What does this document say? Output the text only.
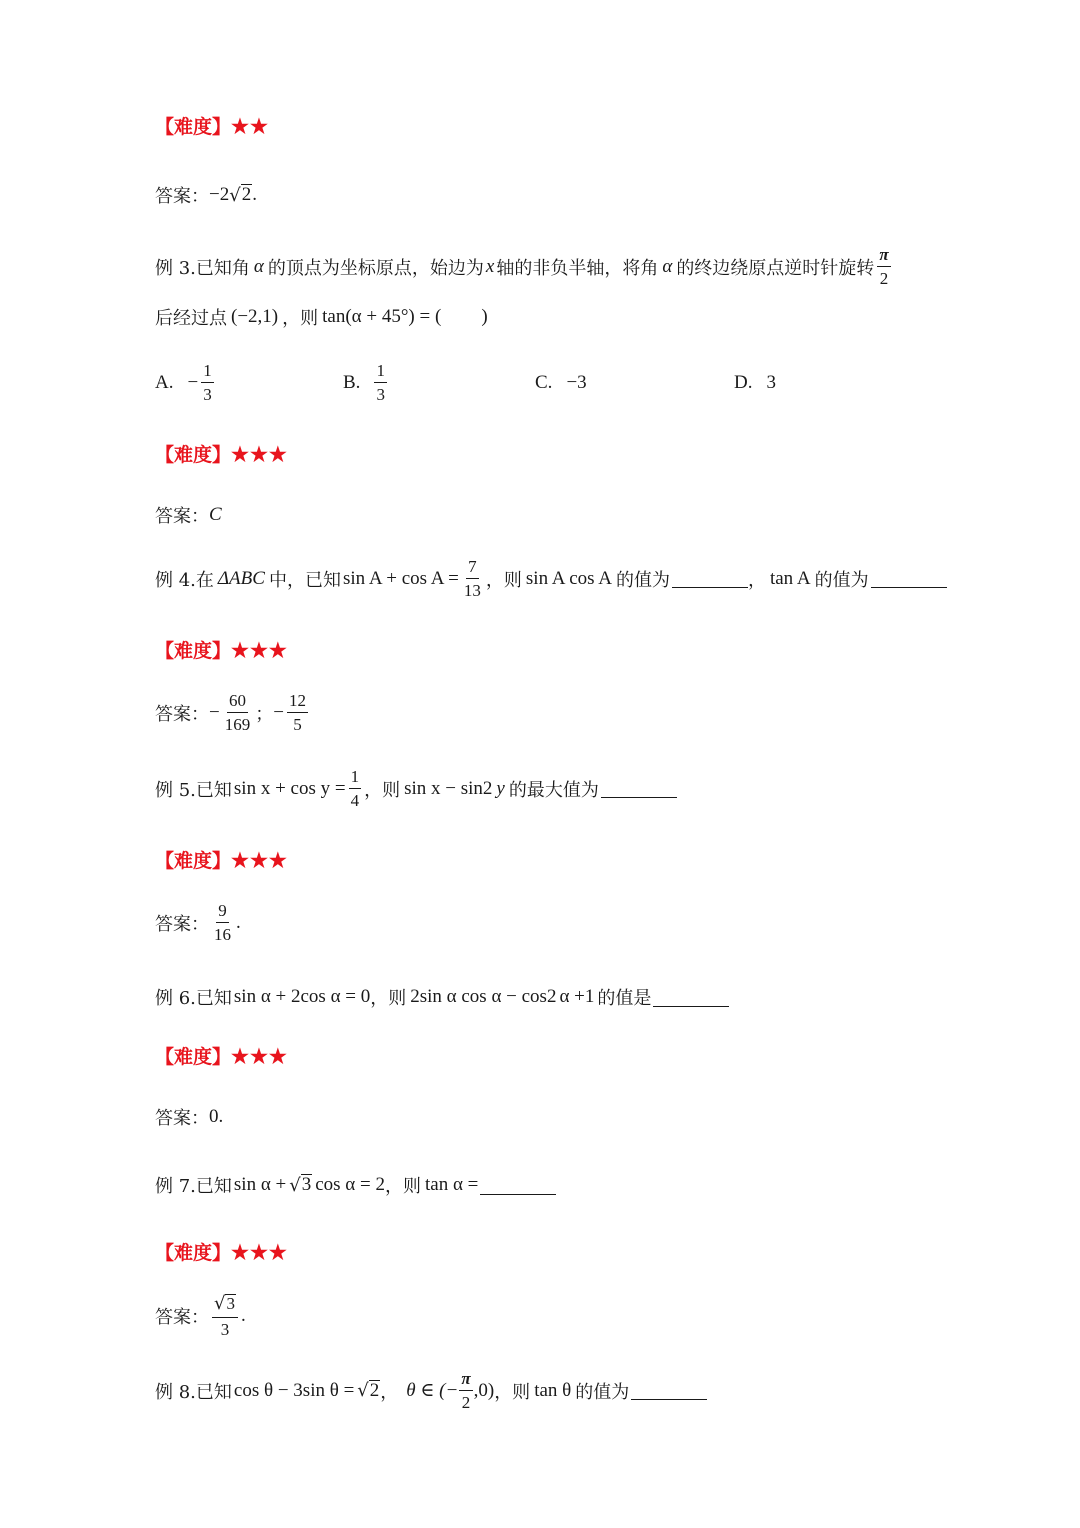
【难度】 ★★
答案： −2 √ 2 .
例 3.已知角 α 的顶点为坐标原点，始边为 x 轴的非负半轴，将角 α 的终边绕原点逆时针旋转 $\frac{\pi}{2}$
后经过点 (−2,1) ，则 tan(α + 45°) = ( )
A. − $\frac{1}{3}$	B. $\frac{1}{3}$	C. −3	D. 3
【难度】 ★★★
答案： C
例 4.在 ΔABC 中，已知 $\sin A + \cos A = \frac{7}{13}$ ，则 sin A cos A 的值为	， tan A 的值为
【难度】 ★★★
答案： − $\frac{60}{169}$ ； − $\frac{12}{5}$
例 5.已知 $\sin x + \cos y = \frac{1}{4}$ ，则 sin x − sin 2 y 的最大值为
【难度】 ★★★
答案： $\frac{9}{16}$ .
例 6.已知 sin α + 2cos α = 0 ，则 2sin α cos α − cos 2 α +1 的值是
【难度】 ★★★
答案： 0.
例 7.已知 sin α + √ 3 cos α = 2 ，则 tan α =
【难度】 ★★★
答案： $\frac{√3}{3}$ .
例 8.已知 cos θ − 3sin θ = √ 2 ， θ ∈ (− $\frac{\pi}{2} ,0$) ，则 tan θ 的值为
